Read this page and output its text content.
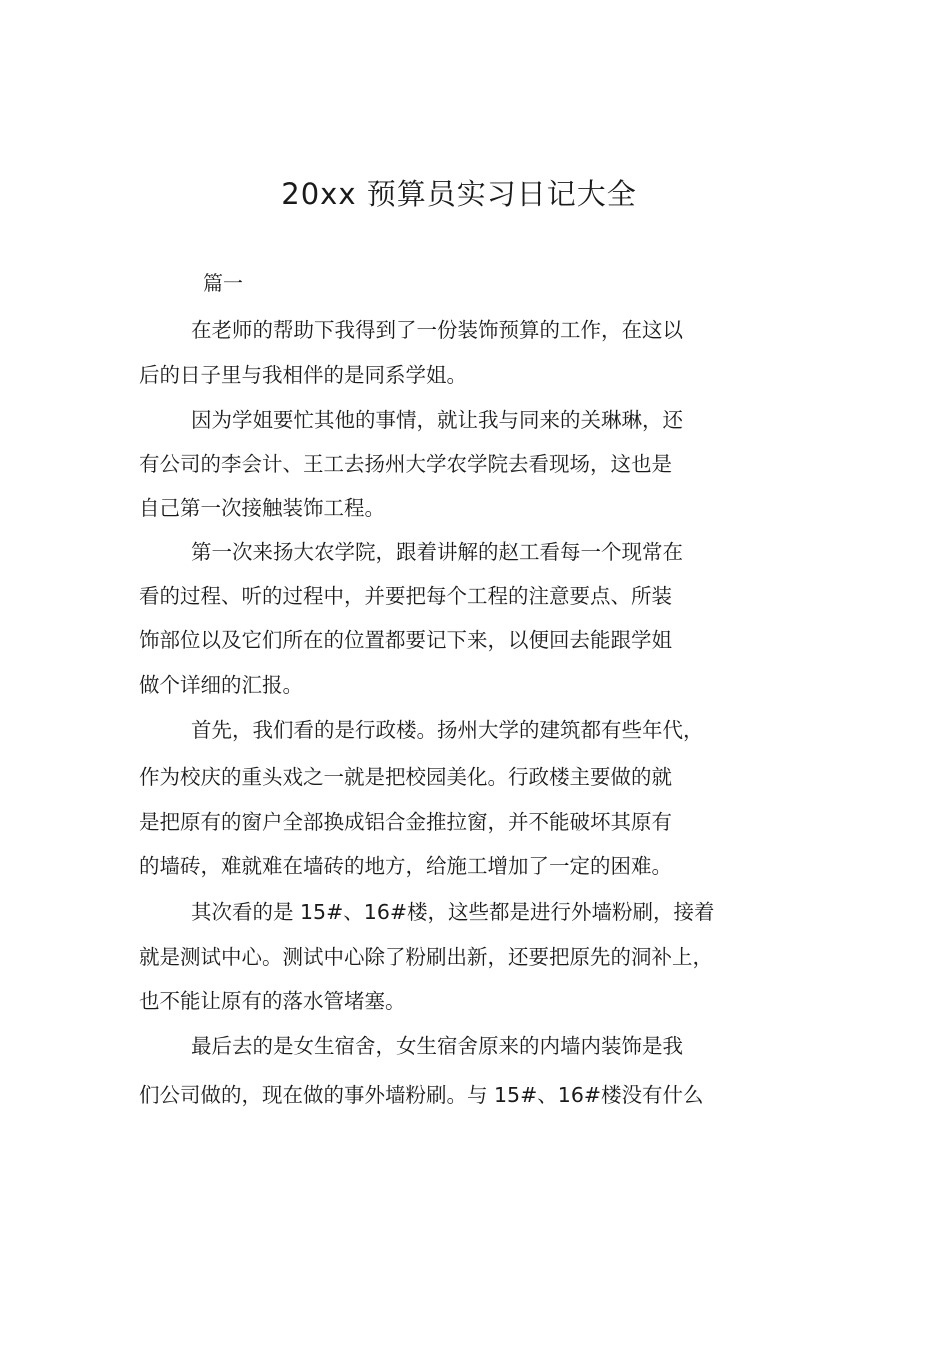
20xx 预算员实习日记大全
篇一
在老师的帮助下我得到了一份装饰预算的工作，在这以
后的日子里与我相伴的是同系学姐。
因为学姐要忙其他的事情，就让我与同来的关琳琳，还
有公司的李会计、王工去扬州大学农学院去看现场，这也是
自己第一次接触装饰工程。
第一次来扬大农学院，跟着讲解的赵工看每一个现常在
看的过程、听的过程中，并要把每个工程的注意要点、所装
饰部位以及它们所在的位置都要记下来，以便回去能跟学姐
做个详细的汇报。
首先，我们看的是行政楼。扬州大学的建筑都有些年代，
作为校庆的重头戏之一就是把校园美化。行政楼主要做的就
是把原有的窗户全部换成铝合金推拉窗，并不能破坏其原有
的墙砖，难就难在墙砖的地方，给施工增加了一定的困难。
其次看的是 15#、16#楼，这些都是进行外墙粉刷，接着
就是测试中心。测试中心除了粉刷出新，还要把原先的洞补上，
也不能让原有的落水管堵塞。
最后去的是女生宿舍，女生宿舍原来的内墙内装饰是我
们公司做的，现在做的事外墙粉刷。与 15#、16#楼没有什么
